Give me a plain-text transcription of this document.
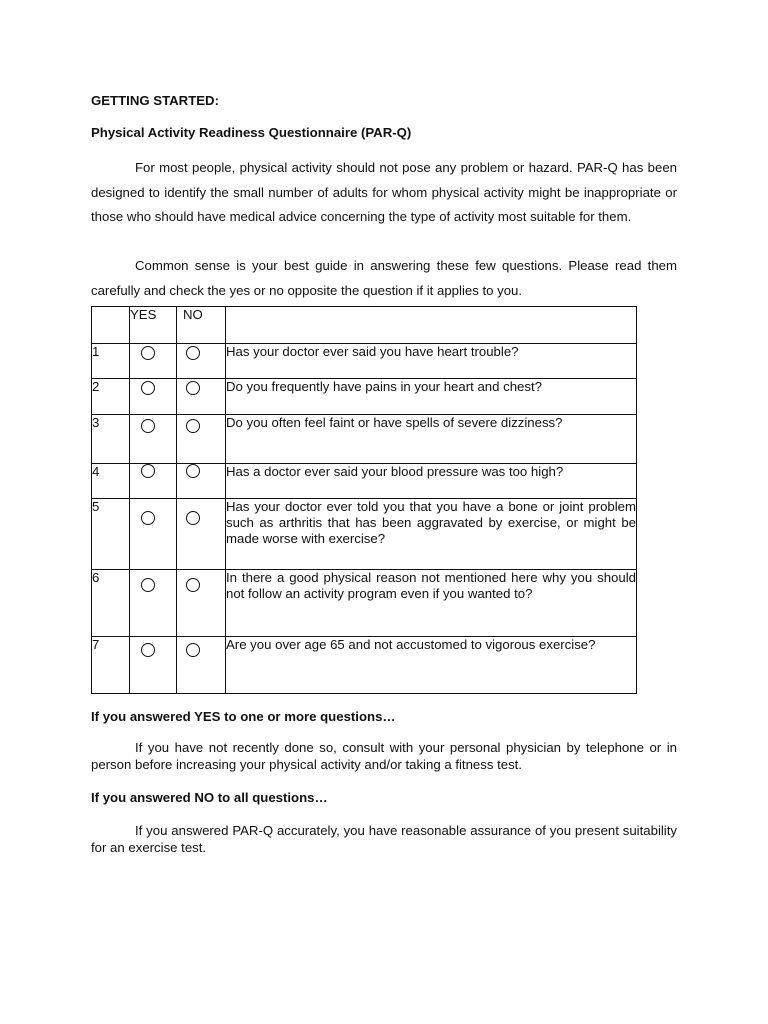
GETTING STARTED:
Physical Activity Readiness Questionnaire (PAR-Q)
For most people, physical activity should not pose any problem or hazard. PAR-Q has been designed to identify the small number of adults for whom physical activity might be inappropriate or those who should have medical advice concerning the type of activity most suitable for them.
Common sense is your best guide in answering these few questions. Please read them carefully and check the yes or no opposite the question if it applies to you.
	YES	NO	
1			Has your doctor ever said you have heart trouble?
2			Do you frequently have pains in your heart and chest?
3			Do you often feel faint or have spells of severe dizziness?
4			Has a doctor ever said your blood pressure was too high?
5			Has your doctor ever told you that you have a bone or joint problem such as arthritis that has been aggravated by exercise, or might be made worse with exercise?
6			In there a good physical reason not mentioned here why you should not follow an activity program even if you wanted to?
7			Are you over age 65 and not accustomed to vigorous exercise?
If you answered YES to one or more questions…
If you have not recently done so, consult with your personal physician by telephone or in person before increasing your physical activity and/or taking a fitness test.
If you answered NO to all questions…
If you answered PAR-Q accurately, you have reasonable assurance of you present suitability for an exercise test.
